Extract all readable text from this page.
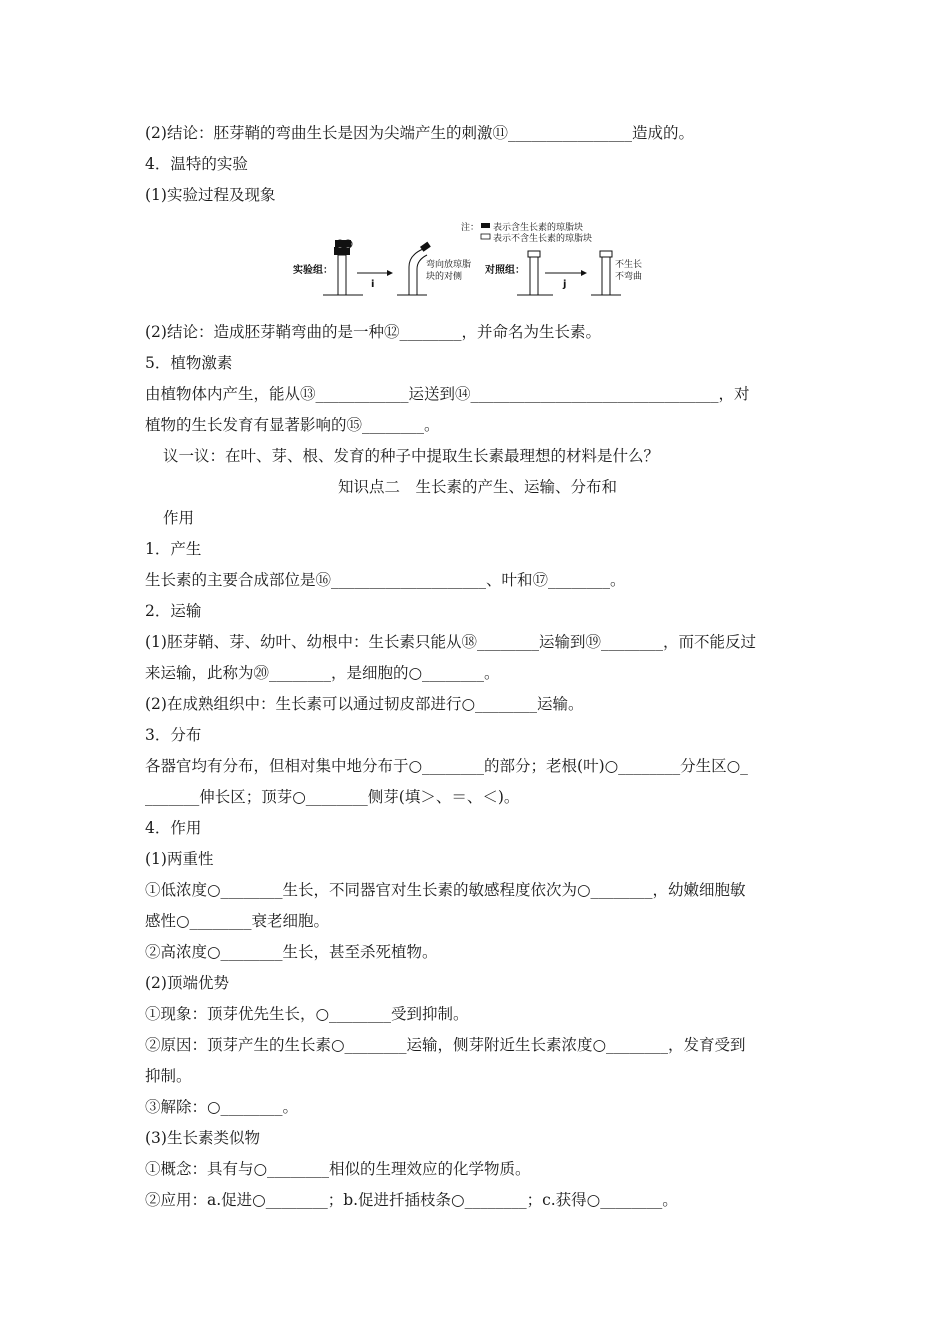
(2)结论：胚芽鞘的弯曲生长是因为尖端产生的刺激⑪________________造成的。
4．温特的实验
(1)实验过程及现象
注： 表示含生长素的琼脂块
表示不含生长素的琼脂块
实验组：
i
弯向放琼脂
块的对侧
对照组：
j
不生长
不弯曲
(2)结论：造成胚芽鞘弯曲的是一种⑫________，并命名为生长素。
5．植物激素
由植物体内产生，能从⑬____________运送到⑭________________________________，对
植物的生长发育有显著影响的⑮________。
议一议：在叶、芽、根、发育的种子中提取生长素最理想的材料是什么？
知识点二　生长素的产生、运输、分布和
作用
1．产生
生长素的主要合成部位是⑯____________________、叶和⑰________。
2．运输
(1)胚芽鞘、芽、幼叶、幼根中：生长素只能从⑱________运输到⑲________，而不能反过
来运输，此称为⑳________，是细胞的○________。
(2)在成熟组织中：生长素可以通过韧皮部进行○________运输。
3．分布
各器官均有分布，但相对集中地分布于○________的部分；老根(叶)○________分生区○_
_______伸长区；顶芽○________侧芽(填＞、＝、＜)。
4．作用
(1)两重性
①低浓度○________生长，不同器官对生长素的敏感程度依次为○________，幼嫩细胞敏
感性○________衰老细胞。
②高浓度○________生长，甚至杀死植物。
(2)顶端优势
①现象：顶芽优先生长，○________受到抑制。
②原因：顶芽产生的生长素○________运输，侧芽附近生长素浓度○________，发育受到
抑制。
③解除：○________。
(3)生长素类似物
①概念：具有与○________相似的生理效应的化学物质。
②应用：a.促进○________；b.促进扦插枝条○________；c.获得○________。
